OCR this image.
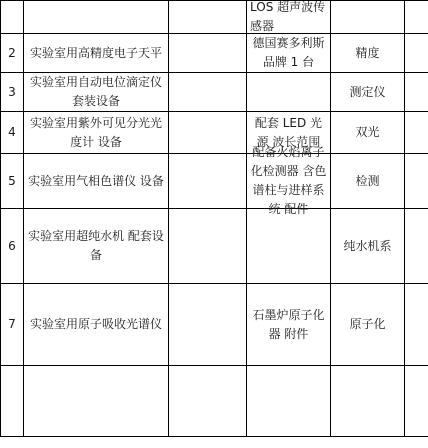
LOS 超声波传感器
2 实验室用高精度电子天平
德国赛多利斯品牌 1 台
精度
3
实验室用自动电位滴定仪 套装设备
测定仪
4
实验室用紫外可见分光光度计 设备
配套 LED 光源 波长范围
双光
5 实验室用气相色谱仪 设备
配备火焰离子化检测器 含色谱柱与进样系统 配件
检测
6
实验室用超纯水机 配套设备
纯水机系
7 实验室用原子吸收光谱仪
石墨炉原子化器 附件
原子化
